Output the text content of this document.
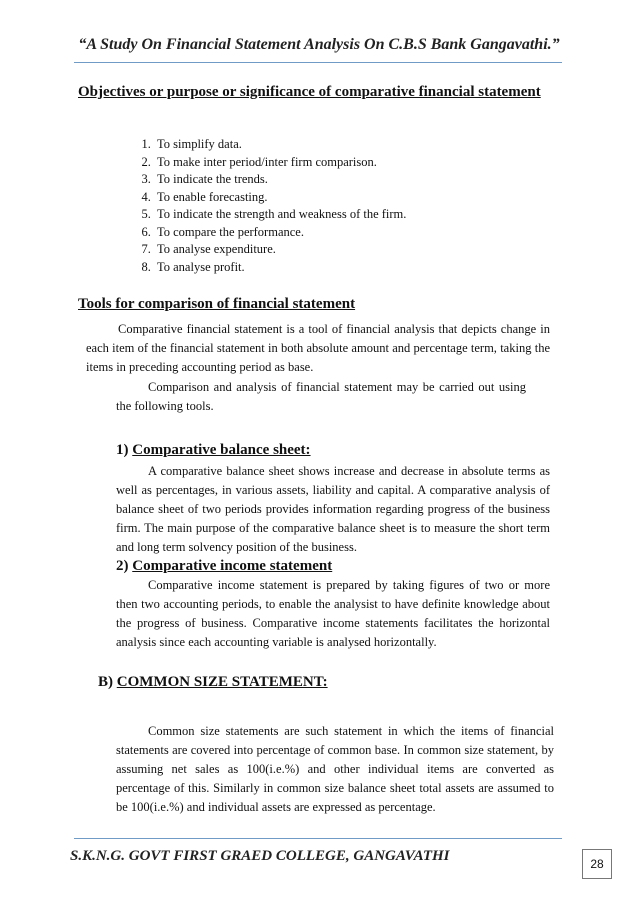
“A Study On Financial Statement Analysis On C.B.S Bank Gangavathi.”
Objectives or purpose or significance of comparative financial statement
1. To simplify data.
2. To make inter period/inter firm comparison.
3. To indicate the trends.
4. To enable forecasting.
5. To indicate the strength and weakness of the firm.
6. To compare the performance.
7. To analyse expenditure.
8. To analyse profit.
Tools for comparison of financial statement

Comparative financial statement is a tool of financial analysis that depicts change in each item of the financial statement in both absolute amount and percentage term, taking the items in preceding accounting period as base.

Comparison and analysis of financial statement may be carried out using the following tools.

1) Comparative balance sheet:

A comparative balance sheet shows increase and decrease in absolute terms as well as percentages, in various assets, liability and capital. A comparative analysis of balance sheet of two periods provides information regarding progress of the business firm. The main purpose of the comparative balance sheet is to measure the short term and long term solvency position of the business.

2) Comparative income statement

Comparative income statement is prepared by taking figures of two or more then two accounting periods, to enable the analysist to have definite knowledge about the progress of business. Comparative income statements facilitates the horizontal analysis since each accounting variable is analysed horizontally.

B) COMMON SIZE STATEMENT:

Common size statements are such statement in which the items of financial statements are covered into percentage of common base. In common size statement, by assuming net sales as 100(i.e.%) and other individual items are converted as percentage of this. Similarly in common size balance sheet total assets are assumed to be 100(i.e.%) and individual assets are expressed as percentage.

S.K.N.G. GOVT FIRST GRAED COLLEGE, GANGAVATHI	28
